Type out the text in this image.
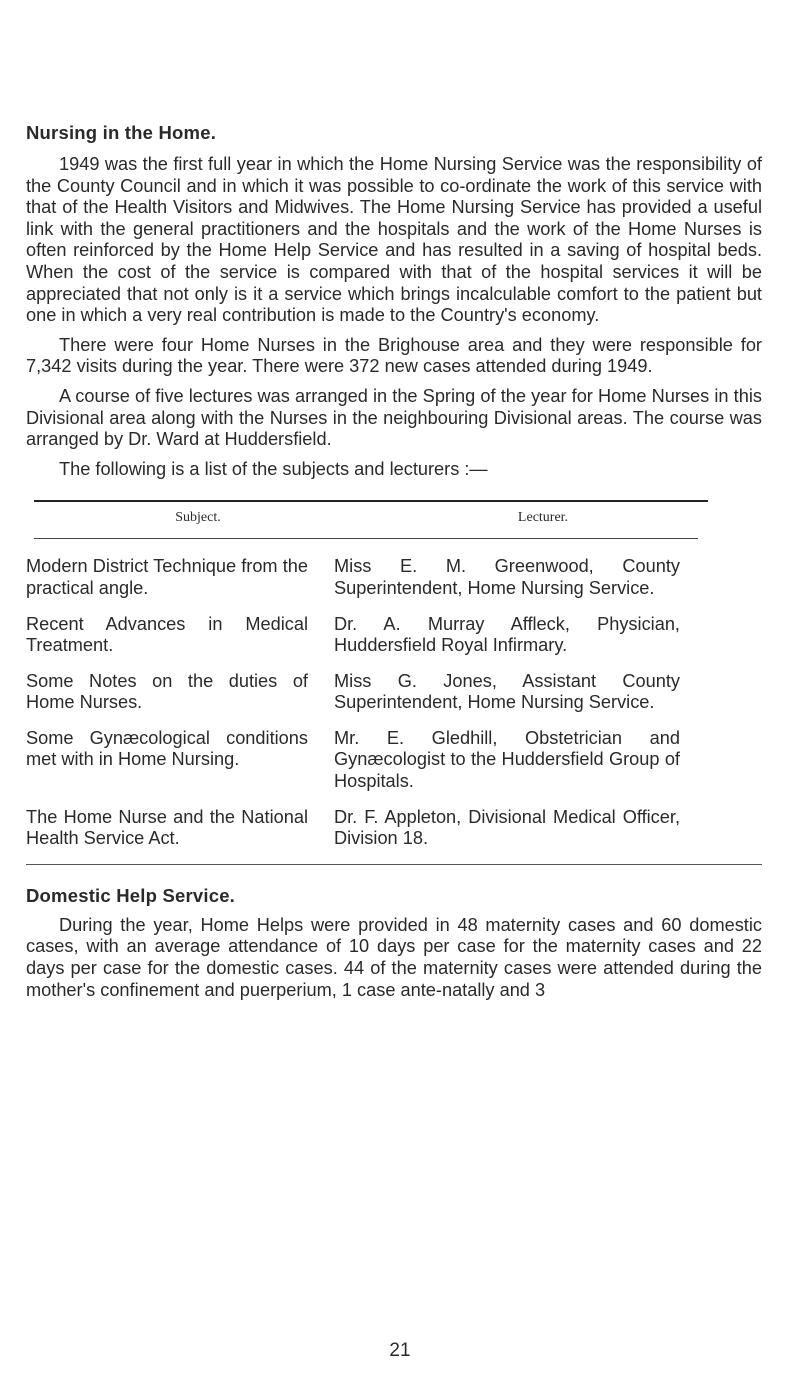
Nursing in the Home.

1949 was the first full year in which the Home Nursing Service was the responsibility of the County Council and in which it was possible to co-ordinate the work of this service with that of the Health Visitors and Midwives. The Home Nursing Service has provided a useful link with the general practitioners and the hospitals and the work of the Home Nurses is often reinforced by the Home Help Service and has resulted in a saving of hospital beds. When the cost of the service is compared with that of the hospital services it will be appreciated that not only is it a service which brings incalculable comfort to the patient but one in which a very real contribution is made to the Country's economy.

There were four Home Nurses in the Brighouse area and they were responsible for 7,342 visits during the year. There were 372 new cases attended during 1949.

A course of five lectures was arranged in the Spring of the year for Home Nurses in this Divisional area along with the Nurses in the neighbouring Divisional areas. The course was arranged by Dr. Ward at Huddersfield.

The following is a list of the subjects and lecturers :—

Subject.	Lecturer.
Modern District Technique from the practical angle.
Miss E. M. Greenwood, County Superintendent, Home Nursing Service.
Recent Advances in Medical Treatment.
Dr. A. Murray Affleck, Physician, Huddersfield Royal Infirmary.
Some Notes on the duties of Home Nurses.
Miss G. Jones, Assistant County Superintendent, Home Nursing Service.
Some Gynæcological conditions met with in Home Nursing.
Mr. E. Gledhill, Obstetrician and Gynæcologist to the Huddersfield Group of Hospitals.
The Home Nurse and the National Health Service Act.
Dr. F. Appleton, Divisional Medical Officer, Division 18.
Domestic Help Service.

During the year, Home Helps were provided in 48 maternity cases and 60 domestic cases, with an average attendance of 10 days per case for the maternity cases and 22 days per case for the domestic cases. 44 of the maternity cases were attended during the mother's confinement and puerperium, 1 case ante-natally and 3

21
